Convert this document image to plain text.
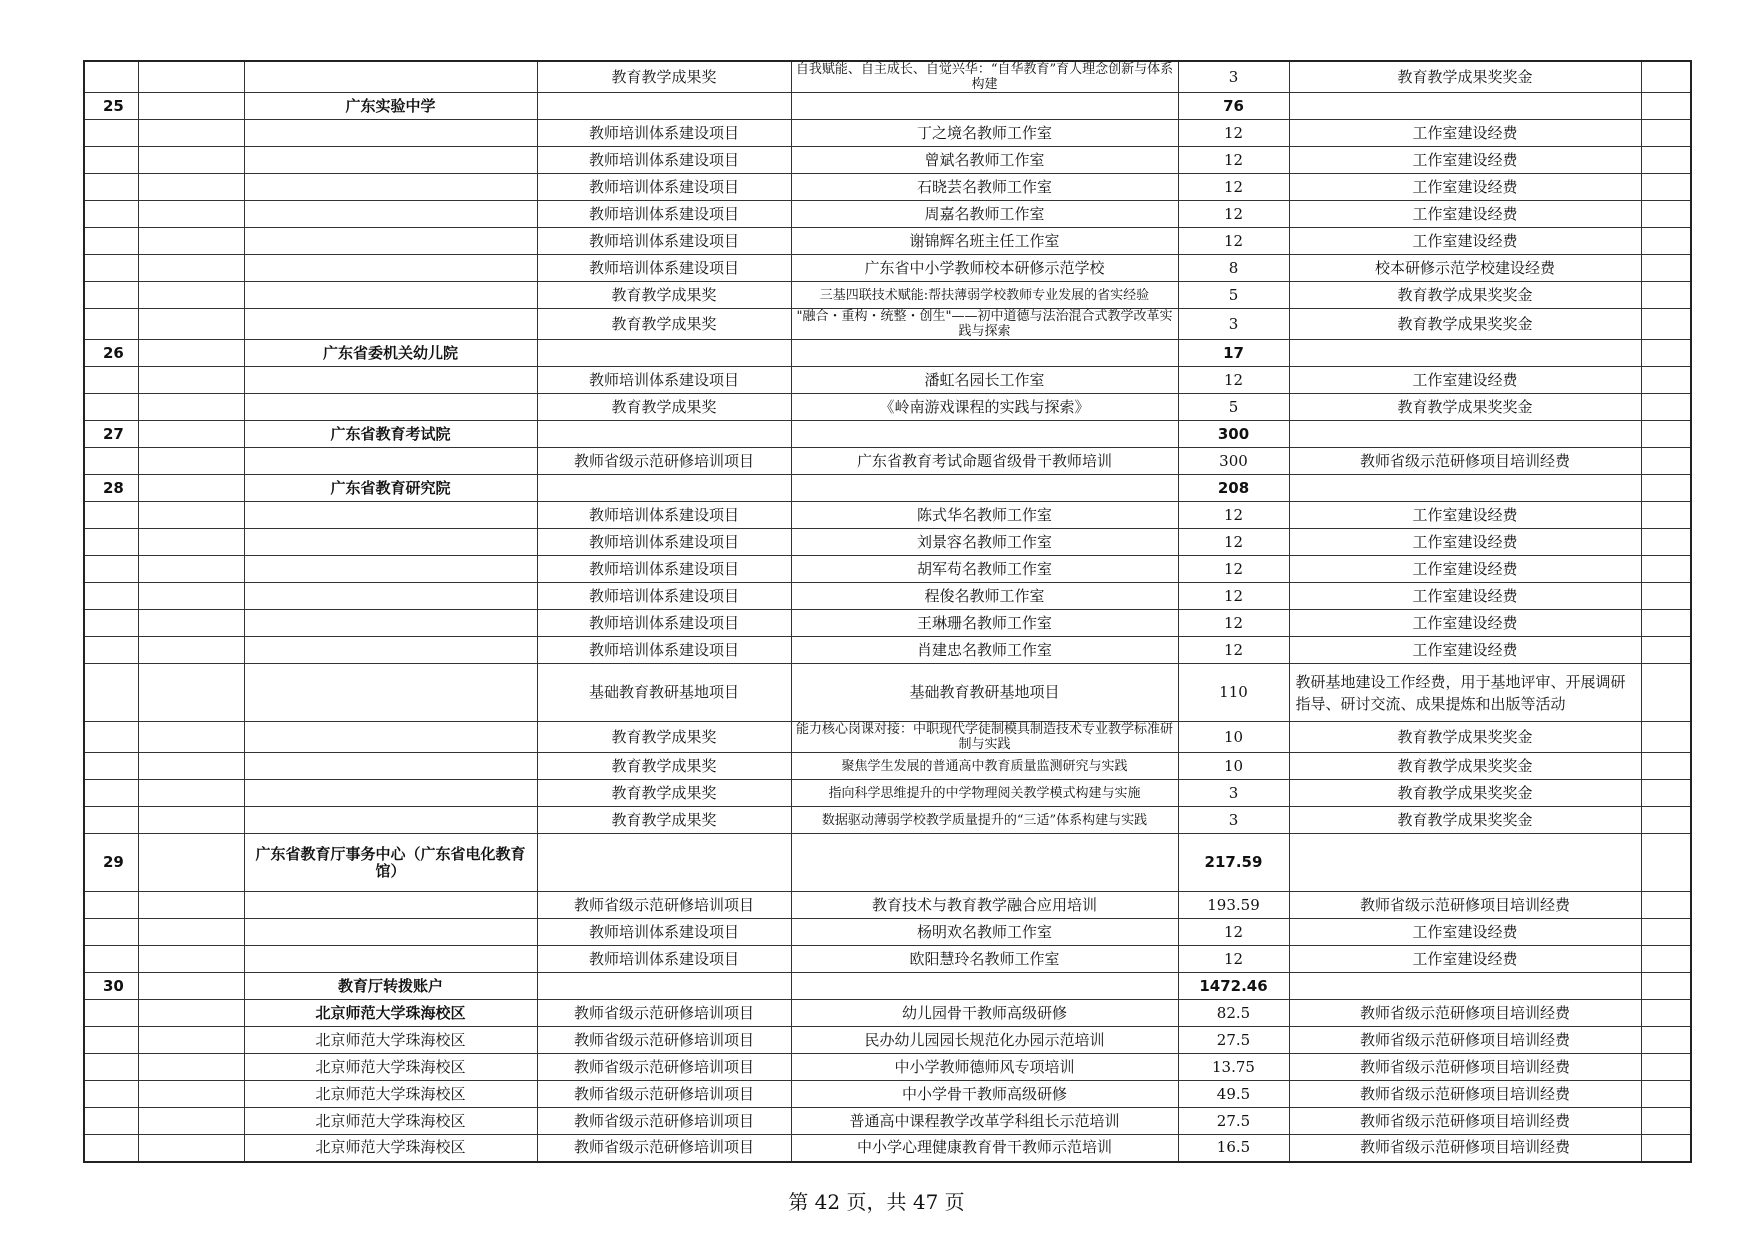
			教育教学成果奖	自我赋能、自主成长、自觉兴华：“自华教育”育人理念创新与体系构建	3	教育教学成果奖奖金	
25		广东实验中学			76		
			教师培训体系建设项目	丁之境名教师工作室	12	工作室建设经费	
			教师培训体系建设项目	曾斌名教师工作室	12	工作室建设经费	
			教师培训体系建设项目	石晓芸名教师工作室	12	工作室建设经费	
			教师培训体系建设项目	周嘉名教师工作室	12	工作室建设经费	
			教师培训体系建设项目	谢锦辉名班主任工作室	12	工作室建设经费	
			教师培训体系建设项目	广东省中小学教师校本研修示范学校	8	校本研修示范学校建设经费	
			教育教学成果奖	三基四联技术赋能:帮扶薄弱学校教师专业发展的省实经验	5	教育教学成果奖奖金	
			教育教学成果奖	"融合・重构・统整・创生"——初中道德与法治混合式教学改革实践与探索	3	教育教学成果奖奖金	
26		广东省委机关幼儿院			17		
			教师培训体系建设项目	潘虹名园长工作室	12	工作室建设经费	
			教育教学成果奖	《岭南游戏课程的实践与探索》	5	教育教学成果奖奖金	
27		广东省教育考试院			300		
			教师省级示范研修培训项目	广东省教育考试命题省级骨干教师培训	300	教师省级示范研修项目培训经费	
28		广东省教育研究院			208		
			教师培训体系建设项目	陈式华名教师工作室	12	工作室建设经费	
			教师培训体系建设项目	刘景容名教师工作室	12	工作室建设经费	
			教师培训体系建设项目	胡军苟名教师工作室	12	工作室建设经费	
			教师培训体系建设项目	程俊名教师工作室	12	工作室建设经费	
			教师培训体系建设项目	王琳珊名教师工作室	12	工作室建设经费	
			教师培训体系建设项目	肖建忠名教师工作室	12	工作室建设经费	
			基础教育教研基地项目	基础教育教研基地项目	110	教研基地建设工作经费，用于基地评审、开展调研指导、研讨交流、成果提炼和出版等活动	
			教育教学成果奖	能力核心岗课对接：中职现代学徒制模具制造技术专业教学标准研制与实践	10	教育教学成果奖奖金	
			教育教学成果奖	聚焦学生发展的普通高中教育质量监测研究与实践	10	教育教学成果奖奖金	
			教育教学成果奖	指向科学思维提升的中学物理阅关教学模式构建与实施	3	教育教学成果奖奖金	
			教育教学成果奖	数据驱动薄弱学校教学质量提升的“三适”体系构建与实践	3	教育教学成果奖奖金	
29		广东省教育厅事务中心（广东省电化教育馆）			217.59		
			教师省级示范研修培训项目	教育技术与教育教学融合应用培训	193.59	教师省级示范研修项目培训经费	
			教师培训体系建设项目	杨明欢名教师工作室	12	工作室建设经费	
			教师培训体系建设项目	欧阳慧玲名教师工作室	12	工作室建设经费	
30		教育厅转拨账户			1472.46		
		北京师范大学珠海校区	教师省级示范研修培训项目	幼儿园骨干教师高级研修	82.5	教师省级示范研修项目培训经费	
		北京师范大学珠海校区	教师省级示范研修培训项目	民办幼儿园园长规范化办园示范培训	27.5	教师省级示范研修项目培训经费	
		北京师范大学珠海校区	教师省级示范研修培训项目	中小学教师德师风专项培训	13.75	教师省级示范研修项目培训经费	
		北京师范大学珠海校区	教师省级示范研修培训项目	中小学骨干教师高级研修	49.5	教师省级示范研修项目培训经费	
		北京师范大学珠海校区	教师省级示范研修培训项目	普通高中课程教学改革学科组长示范培训	27.5	教师省级示范研修项目培训经费	
		北京师范大学珠海校区	教师省级示范研修培训项目	中小学心理健康教育骨干教师示范培训	16.5	教师省级示范研修项目培训经费	
第 42 页，共 47 页
